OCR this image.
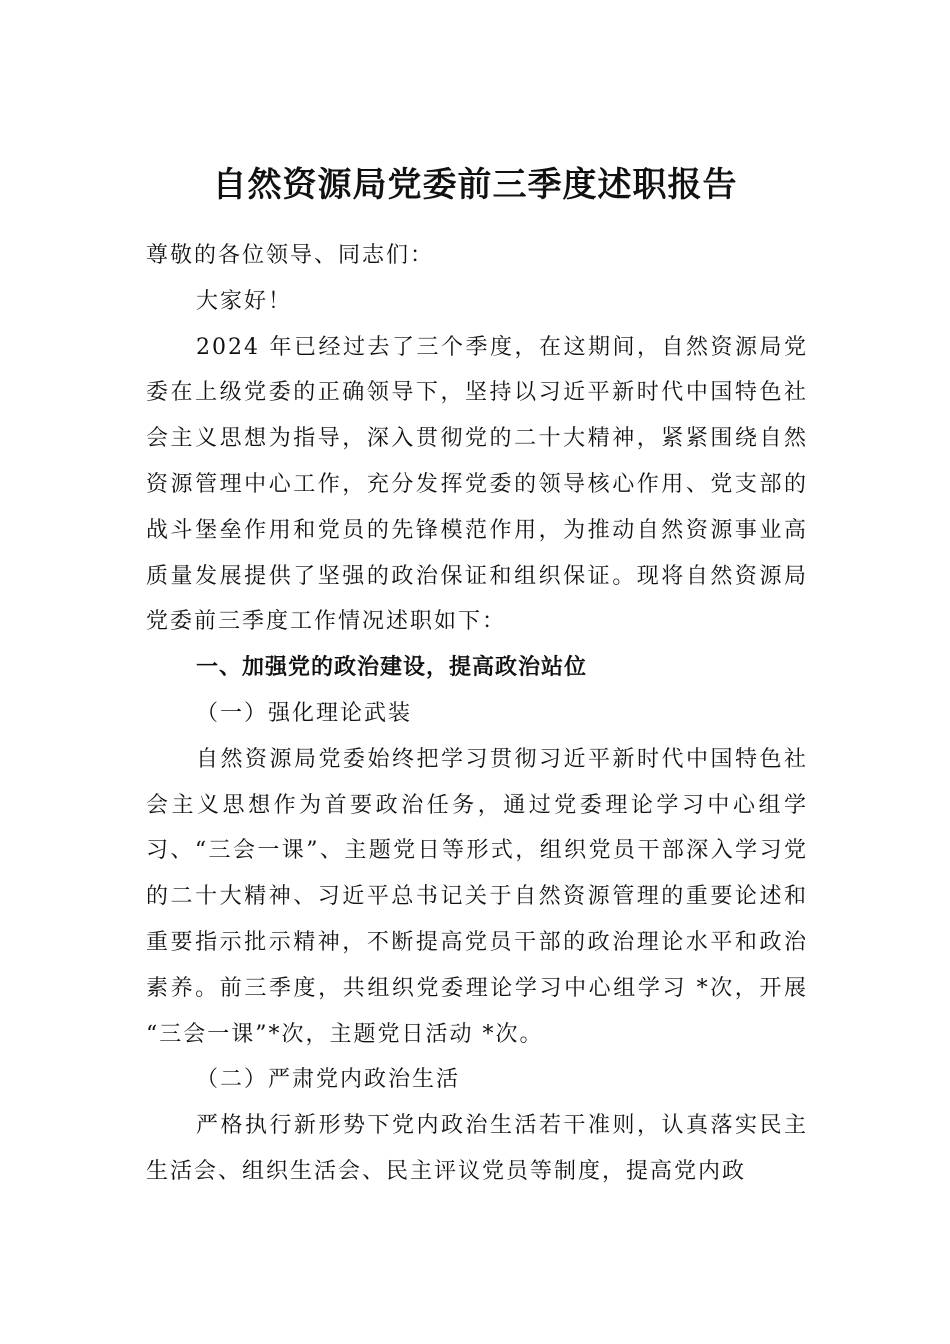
自然资源局党委前三季度述职报告

尊敬的各位领导、同志们：

大家好！

2024 年已经过去了三个季度，在这期间，自然资源局党委在上级党委的正确领导下，坚持以习近平新时代中国特色社会主义思想为指导，深入贯彻党的二十大精神，紧紧围绕自然资源管理中心工作，充分发挥党委的领导核心作用、党支部的战斗堡垒作用和党员的先锋模范作用，为推动自然资源事业高质量发展提供了坚强的政治保证和组织保证。现将自然资源局党委前三季度工作情况述职如下：

一、加强党的政治建设，提高政治站位

（一）强化理论武装

自然资源局党委始终把学习贯彻习近平新时代中国特色社会主义思想作为首要政治任务，通过党委理论学习中心组学习、“三会一课”、主题党日等形式，组织党员干部深入学习党的二十大精神、习近平总书记关于自然资源管理的重要论述和重要指示批示精神，不断提高党员干部的政治理论水平和政治素养。前三季度，共组织党委理论学习中心组学习 *次，开展 “三会一课”*次，主题党日活动 *次。

（二）严肃党内政治生活

严格执行新形势下党内政治生活若干准则，认真落实民主生活会、组织生活会、民主评议党员等制度，提高党内政
